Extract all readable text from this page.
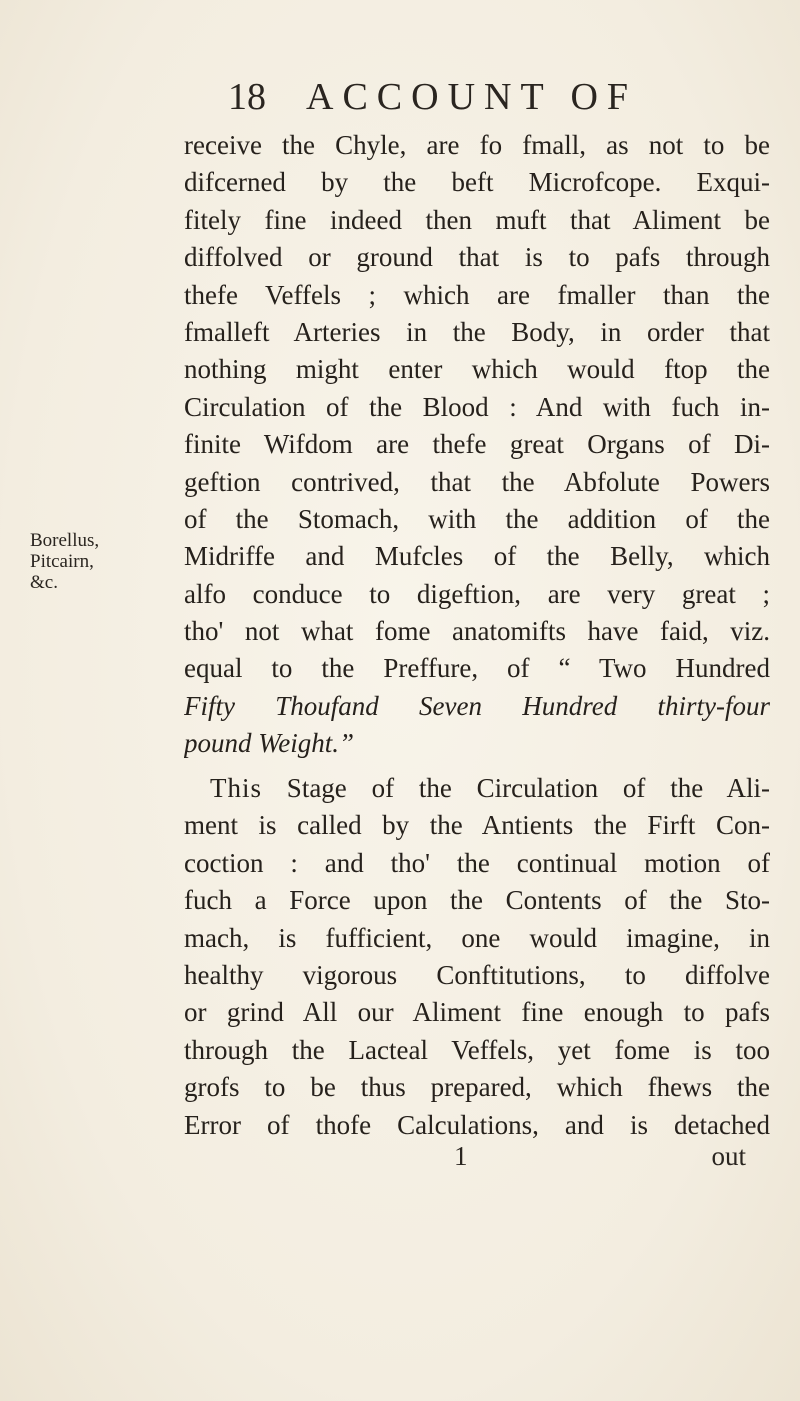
18 ACCOUNT OF
Borellus,
Pitcairn,
&c.
receive the Chyle, are fo fmall, as not to be
difcerned by the beft Microfcope. Exqui-
fitely fine indeed then muft that Aliment be
diffolved or ground that is to pafs through
thefe Veffels ; which are fmaller than the
fmalleft Arteries in the Body, in order that
nothing might enter which would ftop the
Circulation of the Blood : And with fuch in-
finite Wifdom are thefe great Organs of Di-
geftion contrived, that the Abfolute Powers
of the Stomach, with the addition of the
Midriffe and Mufcles of the Belly, which
alfo conduce to digeftion, are very great ;
tho' not what fome anatomifts have faid, viz.
equal to the Preffure, of “ Two Hundred
Fifty Thoufand Seven Hundred thirty-four
pound Weight.”
This Stage of the Circulation of the Ali-
ment is called by the Antients the Firft Con-
coction : and tho' the continual motion of
fuch a Force upon the Contents of the Sto-
mach, is fufficient, one would imagine, in
healthy vigorous Conftitutions, to diffolve
or grind All our Aliment fine enough to pafs
through the Lacteal Veffels, yet fome is too
grofs to be thus prepared, which fhews the
Error of thofe Calculations, and is detached
1	out
